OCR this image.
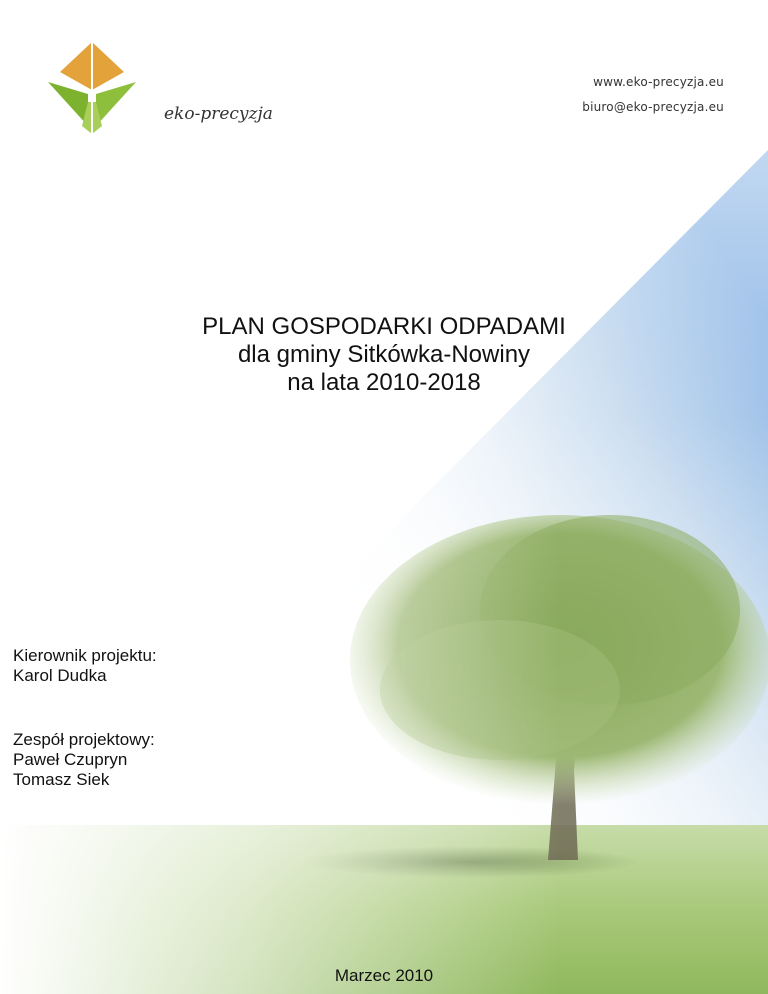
eko-precyzja
www.eko-precyzja.eu
biuro@eko-precyzja.eu
PLAN GOSPODARKI ODPADAMI
dla gminy Sitkówka-Nowiny
na lata 2010-2018
Kierownik projektu:
Karol Dudka
Zespół projektowy:
Paweł Czupryn
Tomasz Siek
Marzec 2010
